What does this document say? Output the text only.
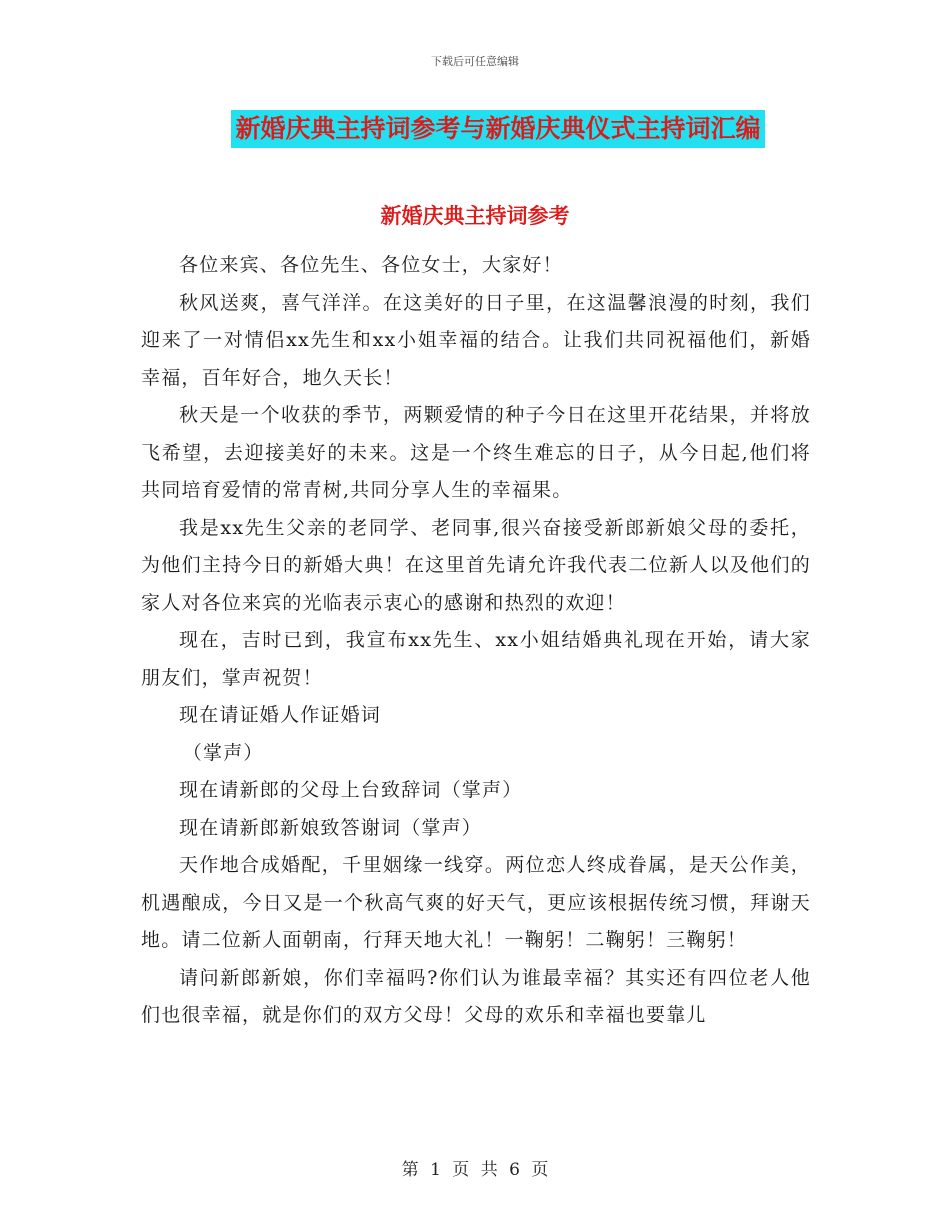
下载后可任意编辑
新婚庆典主持词参考与新婚庆典仪式主持词汇编
新婚庆典主持词参考

各位来宾、各位先生、各位女士，大家好！

秋风送爽，喜气洋洋。在这美好的日子里，在这温馨浪漫的时刻，我们迎来了一对情侣xx先生和xx小姐幸福的结合。让我们共同祝福他们，新婚幸福，百年好合，地久天长！

秋天是一个收获的季节，两颗爱情的种子今日在这里开花结果，并将放飞希望，去迎接美好的未来。这是一个终生难忘的日子，从今日起,他们将共同培育爱情的常青树,共同分享人生的幸福果。

我是xx先生父亲的老同学、老同事,很兴奋接受新郎新娘父母的委托，为他们主持今日的新婚大典！在这里首先请允许我代表二位新人以及他们的家人对各位来宾的光临表示衷心的感谢和热烈的欢迎！

现在，吉时已到，我宣布xx先生、xx小姐结婚典礼现在开始，请大家朋友们，掌声祝贺！

现在请证婚人作证婚词

（掌声）

现在请新郎的父母上台致辞词（掌声）

现在请新郎新娘致答谢词（掌声）

天作地合成婚配，千里姻缘一线穿。两位恋人终成眷属，是天公作美，机遇酿成，今日又是一个秋高气爽的好天气，更应该根据传统习惯，拜谢天地。请二位新人面朝南，行拜天地大礼！一鞠躬！二鞠躬！三鞠躬！

请问新郎新娘，你们幸福吗?你们认为谁最幸福？其实还有四位老人他们也很幸福，就是你们的双方父母！父母的欢乐和幸福也要靠儿

第 1 页 共 6 页
